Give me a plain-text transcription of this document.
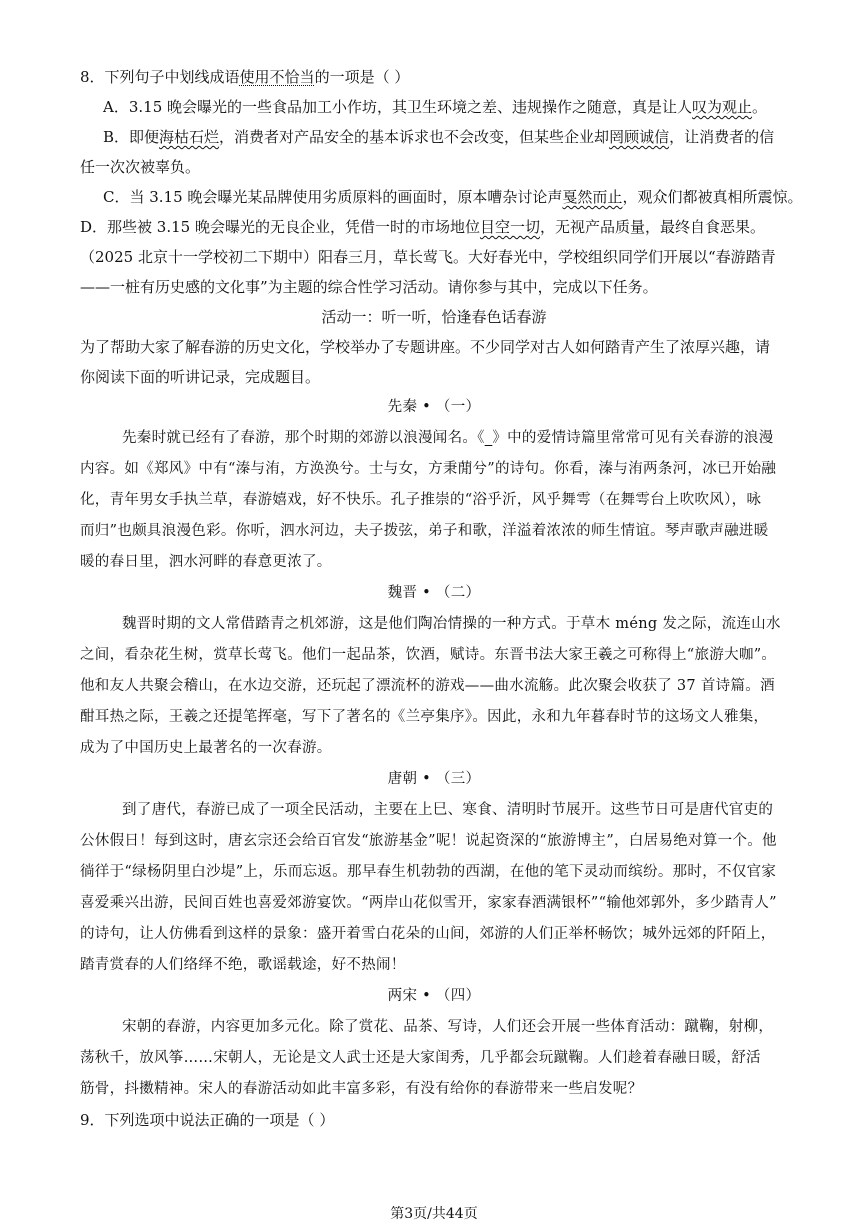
8．下列句子中划线成语使用不恰当的一项是（ ）
A．3.15 晚会曝光的一些食品加工小作坊，其卫生环境之差、违规操作之随意，真是让人叹为观止。
B．即便海枯石烂，消费者对产品安全的基本诉求也不会改变，但某些企业却罔顾诚信，让消费者的信
任一次次被辜负。
C．当 3.15 晚会曝光某品牌使用劣质原料的画面时，原本嘈杂讨论声戛然而止，观众们都被真相所震惊。
D．那些被 3.15 晚会曝光的无良企业，凭借一时的市场地位目空一切，无视产品质量，最终自食恶果。
（2025 北京十一学校初二下期中）阳春三月，草长莺飞。大好春光中，学校组织同学们开展以“春游踏青
——一桩有历史感的文化事”为主题的综合性学习活动。请你参与其中，完成以下任务。
活动一：听一听，恰逢春色话春游
为了帮助大家了解春游的历史文化，学校举办了专题讲座。不少同学对古人如何踏青产生了浓厚兴趣，请
你阅读下面的听讲记录，完成题目。
先秦 • （一）
先秦时就已经有了春游，那个时期的郊游以浪漫闻名。《_》中的爱情诗篇里常常可见有关春游的浪漫
内容。如《郑风》中有“溱与洧，方涣涣兮。士与女，方秉蕑兮”的诗句。你看，溱与洧两条河，冰已开始融
化，青年男女手执兰草，春游嬉戏，好不快乐。孔子推崇的“浴乎沂，风乎舞雩（在舞雩台上吹吹风），咏
而归”也颇具浪漫色彩。你听，泗水河边，夫子拨弦，弟子和歌，洋溢着浓浓的师生情谊。琴声歌声融进暖
暖的春日里，泗水河畔的春意更浓了。
魏晋 • （二）
魏晋时期的文人常借踏青之机郊游，这是他们陶冶情操的一种方式。于草木 méng 发之际，流连山水
之间，看杂花生树，赏草长莺飞。他们一起品茶，饮酒，赋诗。东晋书法大家王羲之可称得上“旅游大咖”。
他和友人共聚会稽山，在水边交游，还玩起了漂流杯的游戏——曲水流觞。此次聚会收获了 37 首诗篇。酒
酣耳热之际，王羲之还提笔挥毫，写下了著名的《兰亭集序》。因此，永和九年暮春时节的这场文人雅集，
成为了中国历史上最著名的一次春游。
唐朝 • （三）
到了唐代，春游已成了一项全民活动，主要在上巳、寒食、清明时节展开。这些节日可是唐代官吏的
公休假日！每到这时，唐玄宗还会给百官发“旅游基金”呢！说起资深的“旅游博主”，白居易绝对算一个。他
徜徉于“绿杨阴里白沙堤”上，乐而忘返。那早春生机勃勃的西湖，在他的笔下灵动而缤纷。那时，不仅官家
喜爱乘兴出游，民间百姓也喜爱郊游宴饮。“两岸山花似雪开，家家春酒满银杯”“输他郊郭外，多少踏青人”
的诗句，让人仿佛看到这样的景象：盛开着雪白花朵的山间，郊游的人们正举杯畅饮；城外远郊的阡陌上，
踏青赏春的人们络绎不绝，歌谣载途，好不热闹！
两宋 • （四）
宋朝的春游，内容更加多元化。除了赏花、品茶、写诗，人们还会开展一些体育活动：蹴鞠，射柳，
荡秋千，放风筝……宋朝人，无论是文人武士还是大家闺秀，几乎都会玩蹴鞠。人们趁着春融日暖，舒活
筋骨，抖擞精神。宋人的春游活动如此丰富多彩，有没有给你的春游带来一些启发呢？
9．下列选项中说法正确的一项是（ ）
第3页/共44页
